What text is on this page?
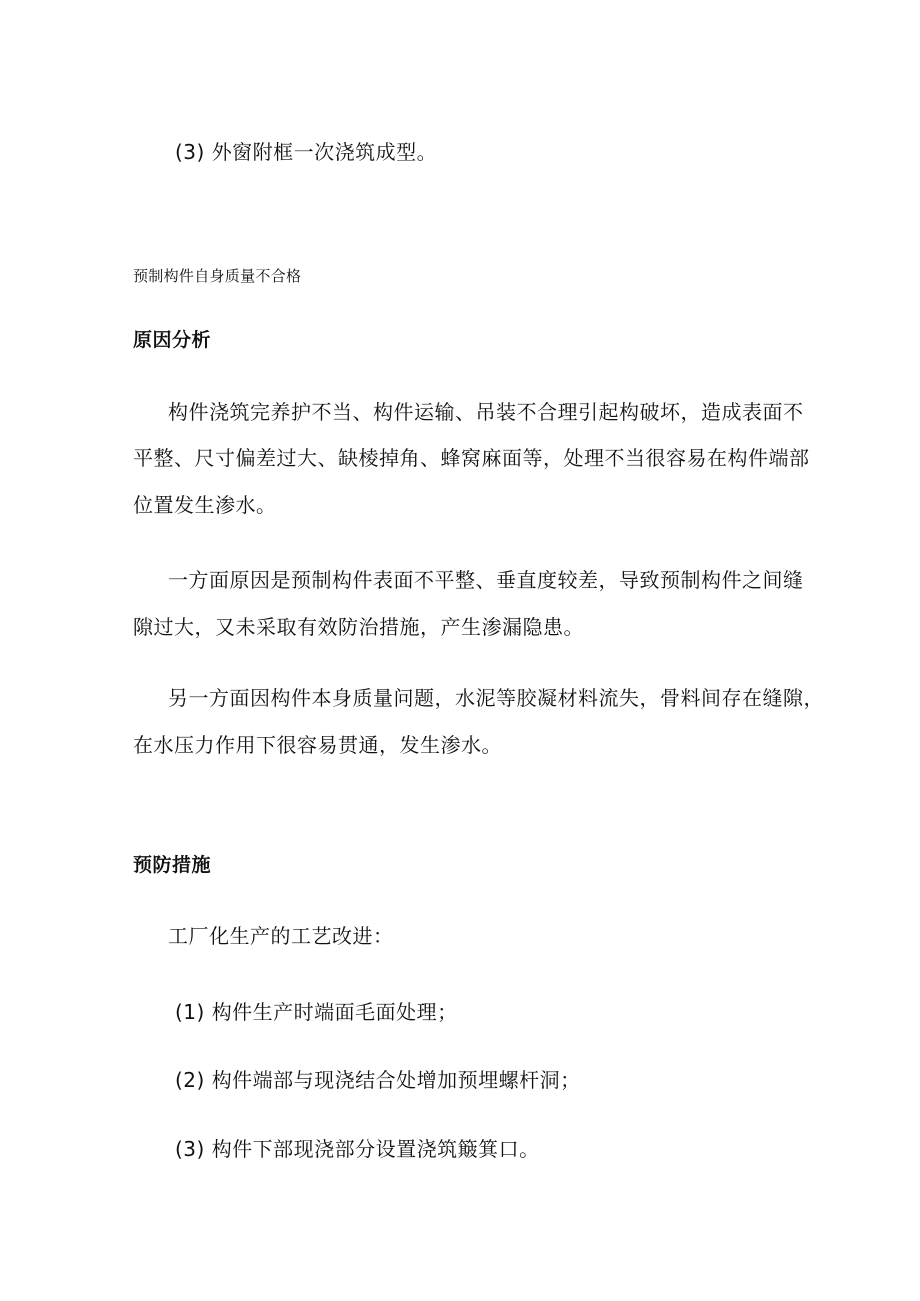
(3) 外窗附框一次浇筑成型。
预制构件自身质量不合格
原因分析
构件浇筑完养护不当、构件运输、吊装不合理引起构破坏，造成表面不
平整、尺寸偏差过大、缺棱掉角、蜂窝麻面等，处理不当很容易在构件端部
位置发生渗水。
一方面原因是预制构件表面不平整、垂直度较差，导致预制构件之间缝
隙过大，又未采取有效防治措施，产生渗漏隐患。
另一方面因构件本身质量问题，水泥等胶凝材料流失，骨料间存在缝隙，
在水压力作用下很容易贯通，发生渗水。
预防措施
工厂化生产的工艺改进：
(1) 构件生产时端面毛面处理；
(2) 构件端部与现浇结合处增加预埋螺杆洞；
(3) 构件下部现浇部分设置浇筑簸箕口。
